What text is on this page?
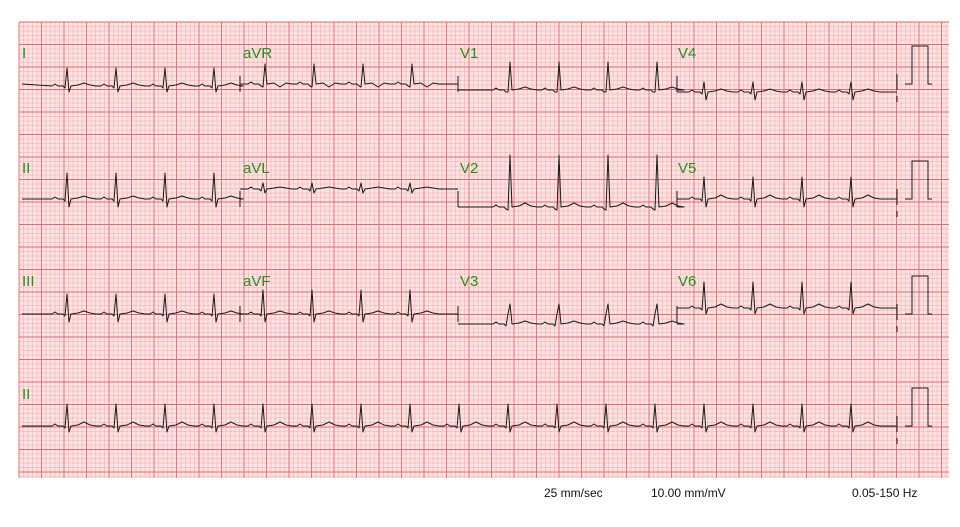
I	aVR	V1	V4
II	aVL	V2	V5
III	aVF	V3	V6
II
25 mm/sec	10.00 mm/mV	0.05-150 Hz
